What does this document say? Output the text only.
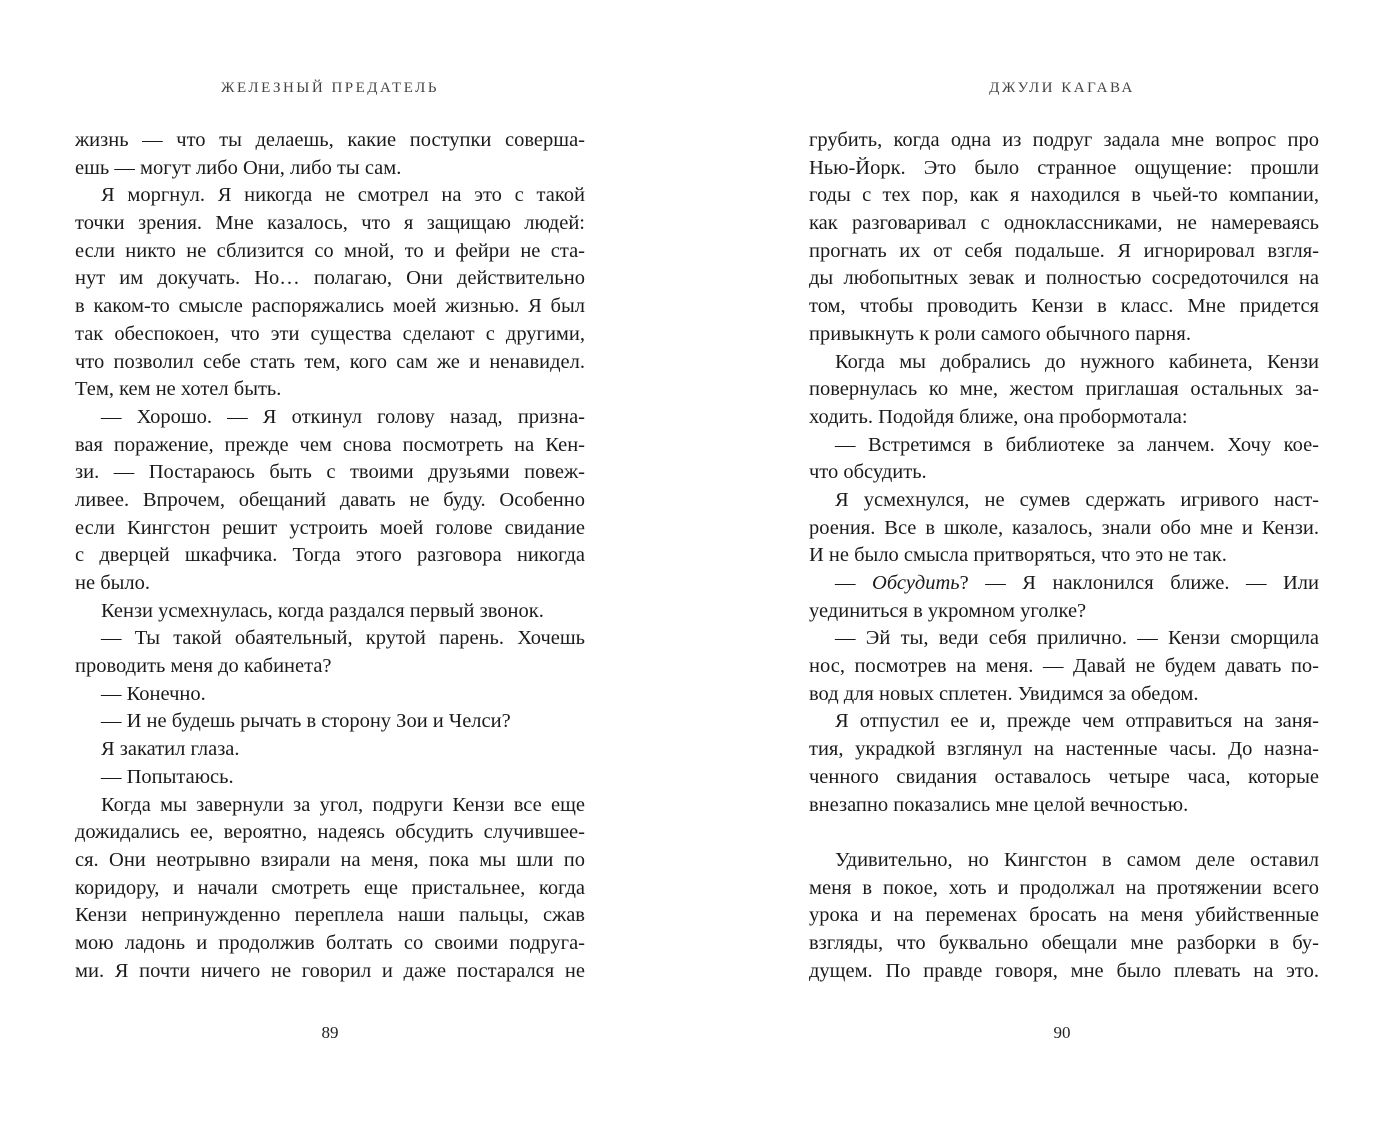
ЖЕЛЕЗНЫЙ ПРЕДАТЕЛЬ
жизнь — что ты делаешь, какие поступки соверша-
ешь — могут либо Они, либо ты сам.
Я моргнул. Я никогда не смотрел на это с такой
точки зрения. Мне казалось, что я защищаю людей:
если никто не сблизится со мной, то и фейри не ста-
нут им докучать. Но… полагаю, Они действительно
в каком-то смысле распоряжались моей жизнью. Я был
так обеспокоен, что эти существа сделают с другими,
что позволил себе стать тем, кого сам же и ненавидел.
Тем, кем не хотел быть.
— Хорошо. — Я откинул голову назад, призна-
вая поражение, прежде чем снова посмотреть на Кен-
зи. — Постараюсь быть с твоими друзьями повеж-
ливее. Впрочем, обещаний давать не буду. Особенно
если Кингстон решит устроить моей голове свидание
с дверцей шкафчика. Тогда этого разговора никогда
не было.
Кензи усмехнулась, когда раздался первый звонок.
— Ты такой обаятельный, крутой парень. Хочешь
проводить меня до кабинета?
— Конечно.
— И не будешь рычать в сторону Зои и Челси?
Я закатил глаза.
— Попытаюсь.
Когда мы завернули за угол, подруги Кензи все еще
дожидались ее, вероятно, надеясь обсудить случившее-
ся. Они неотрывно взирали на меня, пока мы шли по
коридору, и начали смотреть еще пристальнее, когда
Кензи непринужденно переплела наши пальцы, сжав
мою ладонь и продолжив болтать со своими подруга-
ми. Я почти ничего не говорил и даже постарался не
89
ДЖУЛИ КАГАВА
грубить, когда одна из подруг задала мне вопрос про
Нью-Йорк. Это было странное ощущение: прошли
годы с тех пор, как я находился в чьей-то компании,
как разговаривал с одноклассниками, не намереваясь
прогнать их от себя подальше. Я игнорировал взгля-
ды любопытных зевак и полностью сосредоточился на
том, чтобы проводить Кензи в класс. Мне придется
привыкнуть к роли самого обычного парня.
Когда мы добрались до нужного кабинета, Кензи
повернулась ко мне, жестом приглашая остальных за-
ходить. Подойдя ближе, она пробормотала:
— Встретимся в библиотеке за ланчем. Хочу кое-
что обсудить.
Я усмехнулся, не сумев сдержать игривого наст-
роения. Все в школе, казалось, знали обо мне и Кензи.
И не было смысла притворяться, что это не так.
— Обсудить? — Я наклонился ближе. — Или
уединиться в укромном уголке?
— Эй ты, веди себя прилично. — Кензи сморщила
нос, посмотрев на меня. — Давай не будем давать по-
вод для новых сплетен. Увидимся за обедом.
Я отпустил ее и, прежде чем отправиться на заня-
тия, украдкой взглянул на настенные часы. До назна-
ченного свидания оставалось четыре часа, которые
внезапно показались мне целой вечностью.
Удивительно, но Кингстон в самом деле оставил
меня в покое, хоть и продолжал на протяжении всего
урока и на переменах бросать на меня убийственные
взгляды, что буквально обещали мне разборки в бу-
дущем. По правде говоря, мне было плевать на это.
90
